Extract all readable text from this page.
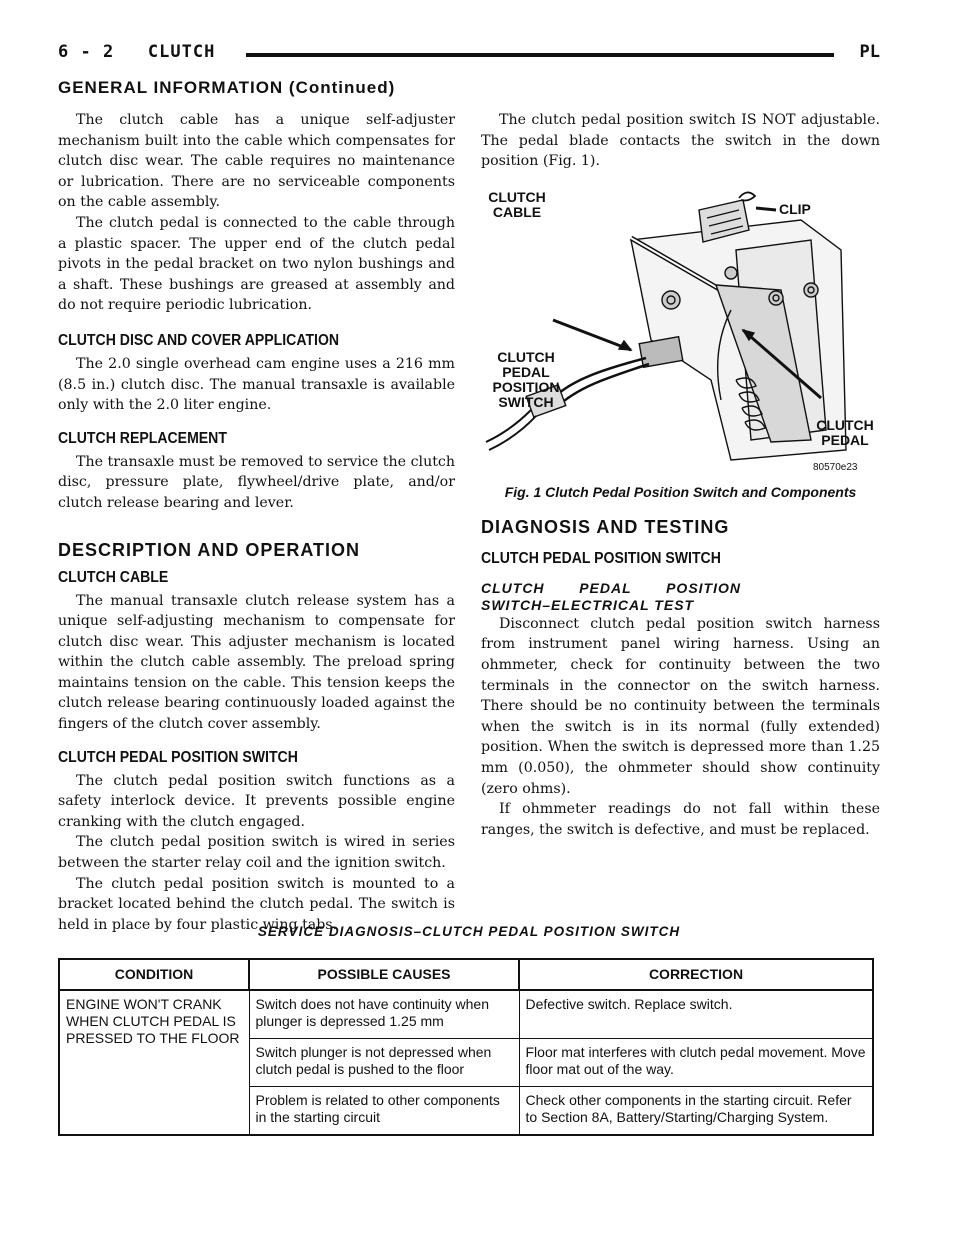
6 - 2 CLUTCH	PL
GENERAL INFORMATION (Continued)

The clutch cable has a unique self-adjuster mechanism built into the cable which compensates for clutch disc wear. The cable requires no maintenance or lubrication. There are no serviceable components on the cable assembly.

The clutch pedal is connected to the cable through a plastic spacer. The upper end of the clutch pedal pivots in the pedal bracket on two nylon bushings and a shaft. These bushings are greased at assembly and do not require periodic lubrication.

CLUTCH DISC AND COVER APPLICATION

The 2.0 single overhead cam engine uses a 216 mm (8.5 in.) clutch disc. The manual transaxle is available only with the 2.0 liter engine.

CLUTCH REPLACEMENT

The transaxle must be removed to service the clutch disc, pressure plate, flywheel/drive plate, and/or clutch release bearing and lever.

DESCRIPTION AND OPERATION
CLUTCH CABLE

The manual transaxle clutch release system has a unique self-adjusting mechanism to compensate for clutch disc wear. This adjuster mechanism is located within the clutch cable assembly. The preload spring maintains tension on the cable. This tension keeps the clutch release bearing continuously loaded against the fingers of the clutch cover assembly.

CLUTCH PEDAL POSITION SWITCH

The clutch pedal position switch functions as a safety interlock device. It prevents possible engine cranking with the clutch engaged.

The clutch pedal position switch is wired in series between the starter relay coil and the ignition switch.

The clutch pedal position switch is mounted to a bracket located behind the clutch pedal. The switch is held in place by four plastic wing tabs.

The clutch pedal position switch IS NOT adjustable. The pedal blade contacts the switch in the down position (Fig. 1).

CLUTCH
CABLE	CLIP
CLUTCH
PEDAL
POSITION
SWITCH
CLUTCH
PEDAL
80570e23
Fig. 1 Clutch Pedal Position Switch and Components
DIAGNOSIS AND TESTING
CLUTCH PEDAL POSITION SWITCH
CLUTCH PEDAL POSITION SWITCH–ELECTRICAL TEST

Disconnect clutch pedal position switch harness from instrument panel wiring harness. Using an ohmmeter, check for continuity between the two terminals in the connector on the switch harness. There should be no continuity between the terminals when the switch is in its normal (fully extended) position. When the switch is depressed more than 1.25 mm (0.050), the ohmmeter should show continuity (zero ohms).

If ohmmeter readings do not fall within these ranges, the switch is defective, and must be replaced.

SERVICE DIAGNOSIS–CLUTCH PEDAL POSITION SWITCH
CONDITION	POSSIBLE CAUSES	CORRECTION
ENGINE WON'T CRANK WHEN CLUTCH PEDAL IS PRESSED TO THE FLOOR	Switch does not have continuity when plunger is depressed 1.25 mm	Defective switch. Replace switch.
	Switch plunger is not depressed when clutch pedal is pushed to the floor	Floor mat interferes with clutch pedal movement. Move floor mat out of the way.
	Problem is related to other components in the starting circuit	Check other components in the starting circuit. Refer to Section 8A, Battery/Starting/Charging System.
